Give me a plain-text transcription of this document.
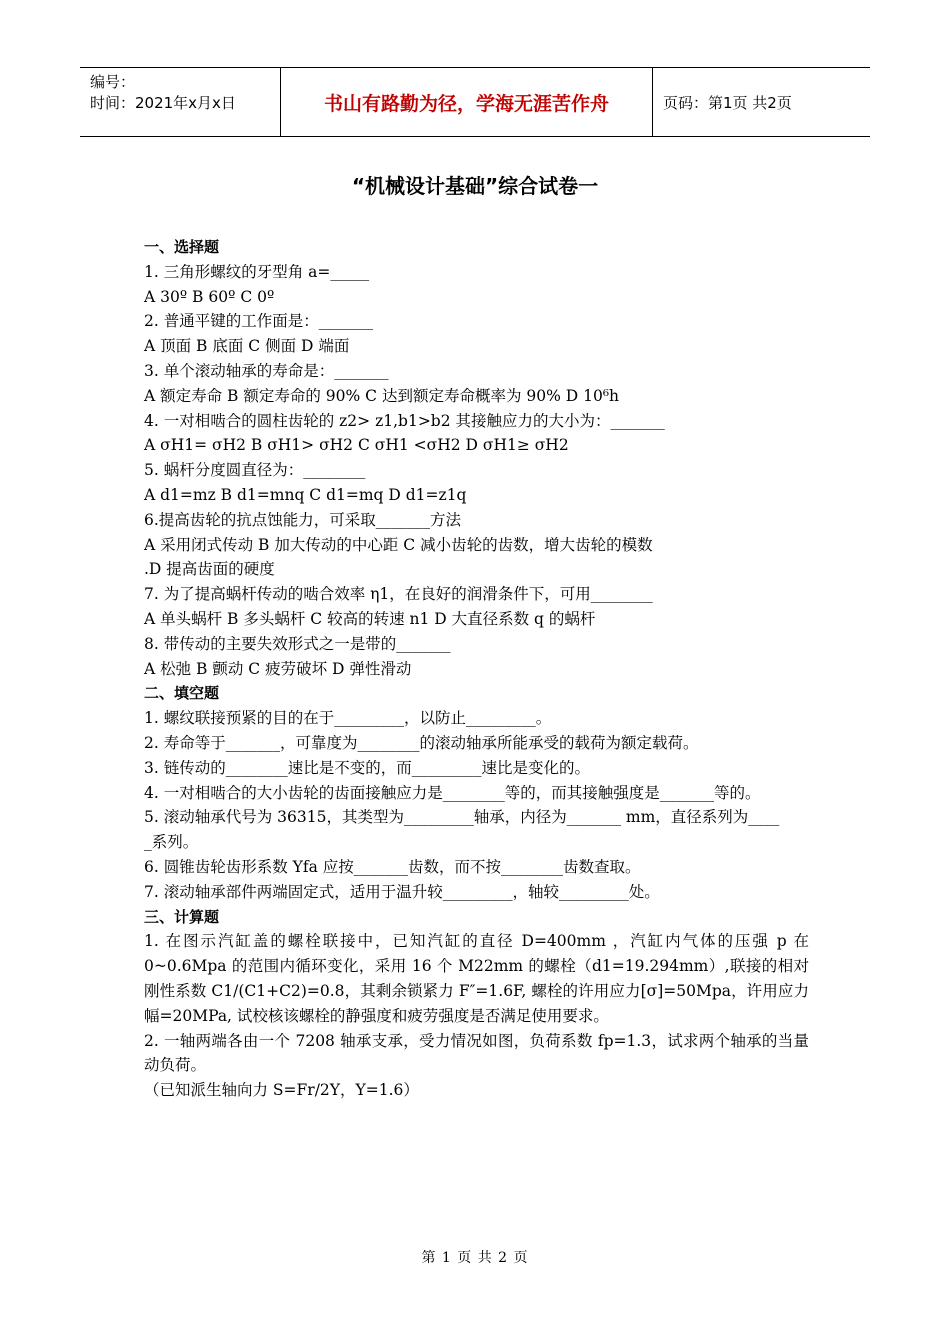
编号：
时间：2021年x月x日	书山有路勤为径，学海无涯苦作舟	页码：第1页 共2页
“机械设计基础”综合试卷一

一、选择题

1. 三角形螺纹的牙型角 a=_____

A 30º B 60º C 0º

2. 普通平键的工作面是：_______

A 顶面 B 底面 C 侧面 D 端面

3. 单个滚动轴承的寿命是：_______

A 额定寿命 B 额定寿命的 90% C 达到额定寿命概率为 90% D 10⁶h

4. 一对相啮合的圆柱齿轮的 z2> z1,b1>b2 其接触应力的大小为：_______

A σH1= σH2 B σH1> σH2 C σH1 <σH2 D σH1≥ σH2

5. 蜗杆分度圆直径为：________

A d1=mz B d1=mnq C d1=mq D d1=z1q

6.提高齿轮的抗点蚀能力，可采取_______方法

A 采用闭式传动 B 加大传动的中心距 C 减小齿轮的齿数，增大齿轮的模数

.D 提高齿面的硬度

7. 为了提高蜗杆传动的啮合效率 η1，在良好的润滑条件下，可用________

A 单头蜗杆 B 多头蜗杆 C 较高的转速 n1 D 大直径系数 q 的蜗杆

8. 带传动的主要失效形式之一是带的_______

A 松弛 B 颤动 C 疲劳破坏 D 弹性滑动

二、填空题

1. 螺纹联接预紧的目的在于_________，以防止_________。

2. 寿命等于_______，可靠度为________的滚动轴承所能承受的载荷为额定载荷。

3. 链传动的________速比是不变的，而_________速比是变化的。

4. 一对相啮合的大小齿轮的齿面接触应力是________等的，而其接触强度是_______等的。

5. 滚动轴承代号为 36315，其类型为_________轴承，内径为_______ mm，直径系列为____

_系列。

6. 圆锥齿轮齿形系数 Yfa 应按_______齿数，而不按________齿数查取。

7. 滚动轴承部件两端固定式，适用于温升较_________，轴较_________处。

三、计算题

1. 在图示汽缸盖的螺栓联接中，已知汽缸的直径 D=400mm ，汽缸内气体的压强 p 在 0~0.6Mpa 的范围内循环变化，采用 16 个 M22mm 的螺栓（d1=19.294mm）,联接的相对刚性系数 C1/(C1+C2)=0.8，其剩余锁紧力 F″=1.6F, 螺栓的许用应力[σ]=50Mpa，许用应力幅=20MPa, 试校核该螺栓的静强度和疲劳强度是否满足使用要求。

2. 一轴两端各由一个 7208 轴承支承，受力情况如图，负荷系数 fp=1.3，试求两个轴承的当量动负荷。

（已知派生轴向力 S=Fr/2Y，Y=1.6）

第 1 页 共 2 页
